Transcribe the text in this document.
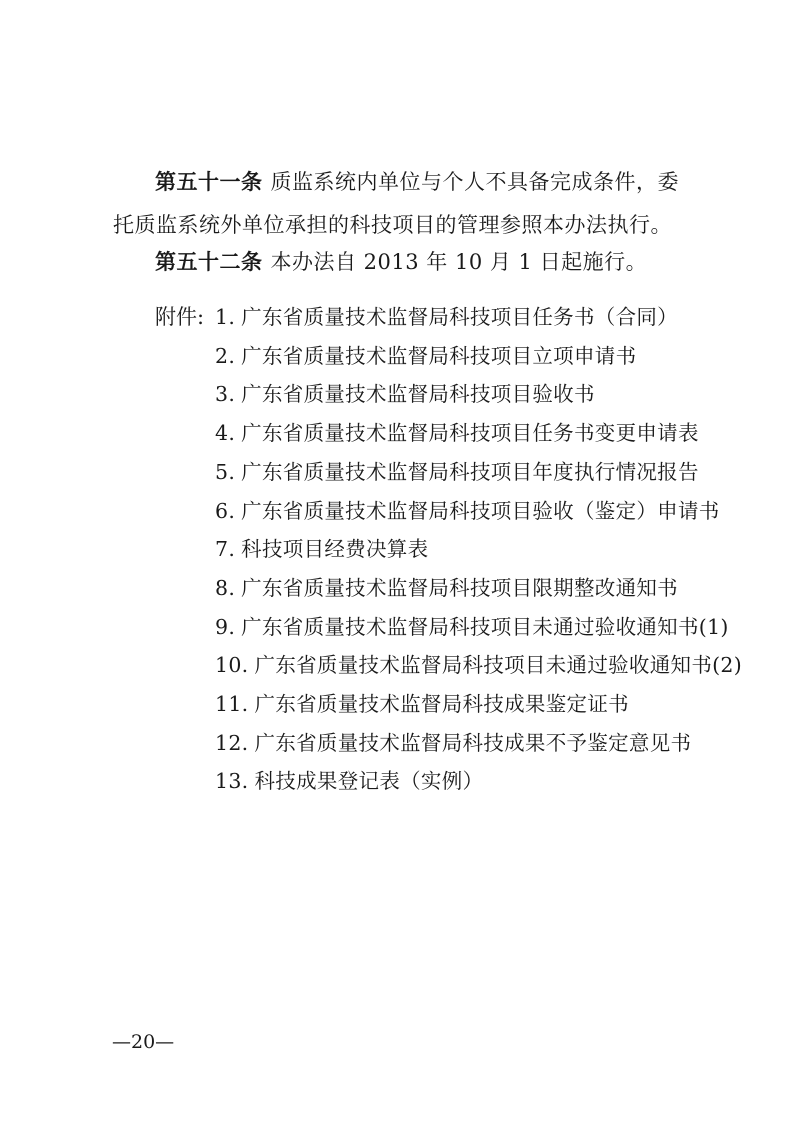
第五十一条 质监系统内单位与个人不具备完成条件，委托质监系统外单位承担的科技项目的管理参照本办法执行。

第五十二条 本办法自 2013 年 10 月 1 日起施行。

附件: 1. 广东省质量技术监督局科技项目任务书（合同）
2. 广东省质量技术监督局科技项目立项申请书
3. 广东省质量技术监督局科技项目验收书
4. 广东省质量技术监督局科技项目任务书变更申请表
5. 广东省质量技术监督局科技项目年度执行情况报告
6. 广东省质量技术监督局科技项目验收（鉴定）申请书
7. 科技项目经费决算表
8. 广东省质量技术监督局科技项目限期整改通知书
9. 广东省质量技术监督局科技项目未通过验收通知书(1)
10. 广东省质量技术监督局科技项目未通过验收通知书(2)
11. 广东省质量技术监督局科技成果鉴定证书
12. 广东省质量技术监督局科技成果不予鉴定意见书
13. 科技成果登记表（实例）
—20—
